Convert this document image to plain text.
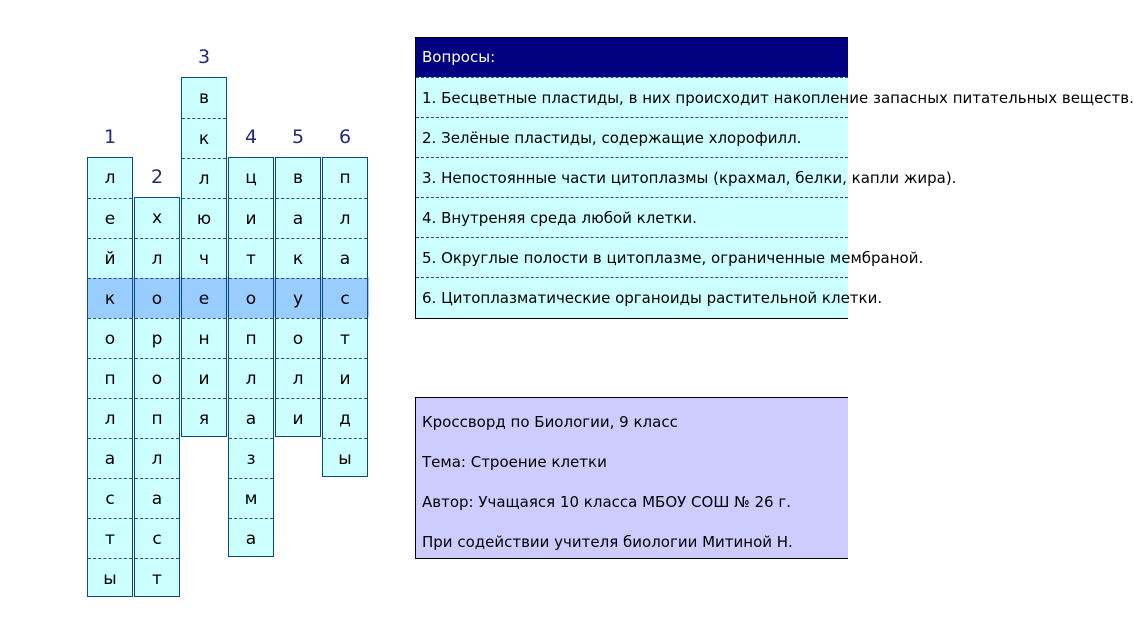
1
л
е
й
к
о
п
л
а
с
т
ы
2
х
л
о
р
о
п
л
а
с
т
3
в
к
л
ю
ч
е
н
и
я
4
ц
и
т
о
п
л
а
з
м
а
5
в
а
к
у
о
л
и
6
п
л
а
с
т
и
д
ы
Вопросы:
1. Бесцветные пластиды, в них происходит накопление запасных питательных веществ.
2. Зелёные пластиды, содержащие хлорофилл.
3. Непостоянные части цитоплазмы (крахмал, белки, капли жира).
4. Внутреняя среда любой клетки.
5. Округлые полости в цитоплазме, ограниченные мембраной.
6. Цитоплазматические органоиды растительной клетки.
Кроссворд по Биологии, 9 класс
Тема: Строение клетки
Автор: Учащаяся 10 класса МБОУ СОШ № 26 г.
При содействии учителя биологии Митиной Н.
